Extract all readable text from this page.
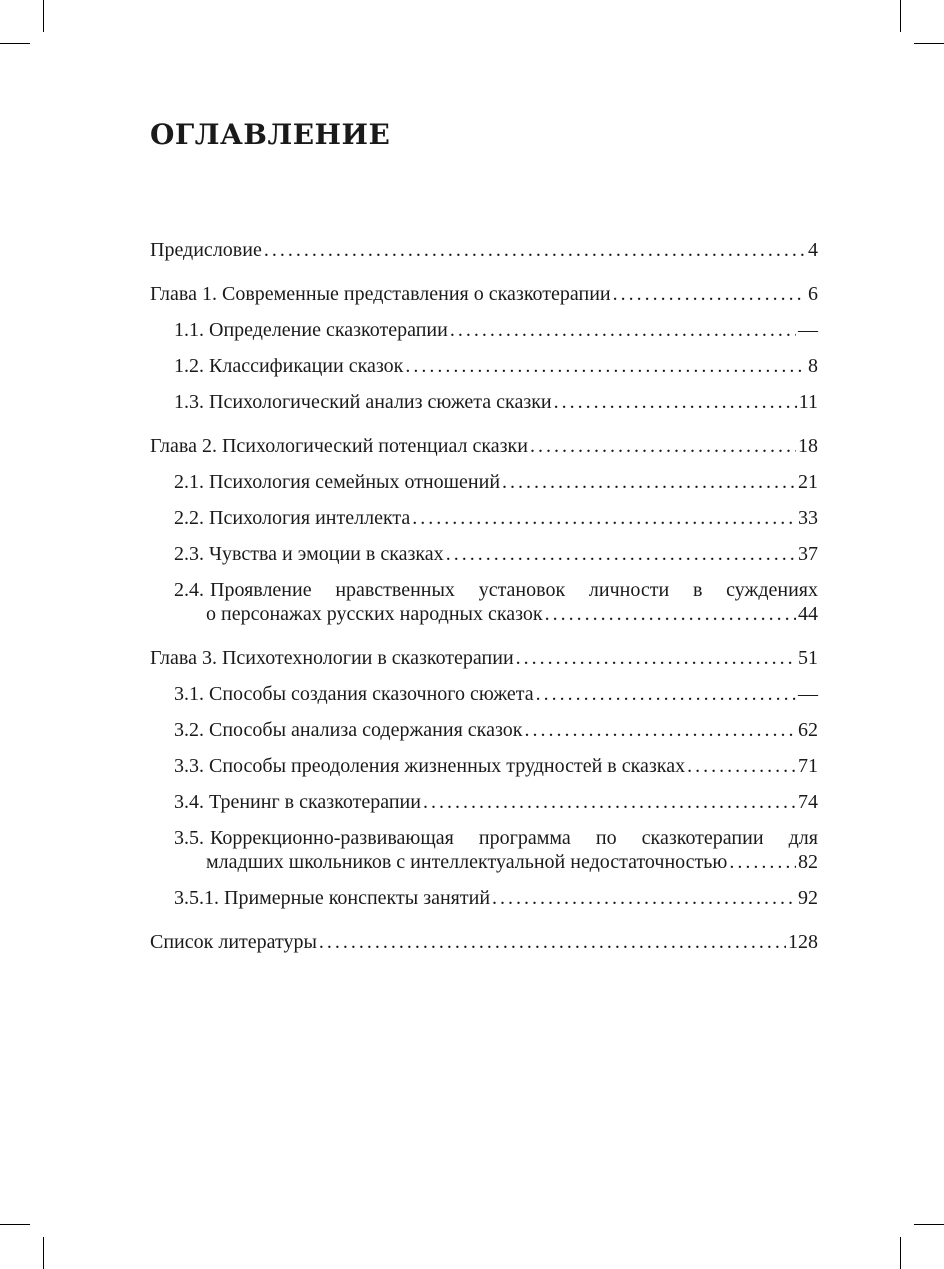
ОГЛАВЛЕНИЕ
Предисловие . . .	4
Глава 1. Современные представления о сказкотерапии . . .	6
1.1. Определение сказкотерапии . . .	—
1.2. Классификации сказок . . .	8
1.3. Психологический анализ сюжета сказки . . .	11
Глава 2. Психологический потенциал сказки . . .	18
2.1. Психология семейных отношений . . .	21
2.2. Психология интеллекта . . .	33
2.3. Чувства и эмоции в сказках . . .	37
2.4. Проявление нравственных установок личности в суждениях
о персонажах русских народных сказок . . .	44
Глава 3. Психотехнологии в сказкотерапии . . .	51
3.1. Способы создания сказочного сюжета . . .	—
3.2. Способы анализа содержания сказок . . .	62
3.3. Способы преодоления жизненных трудностей в сказках . . .	71
3.4. Тренинг в сказкотерапии . . .	74
3.5. Коррекционно-развивающая программа по сказкотерапии для
младших школьников с интеллектуальной недостаточностью . . .	82
3.5.1. Примерные конспекты занятий . . .	92
Список литературы . . .	128
